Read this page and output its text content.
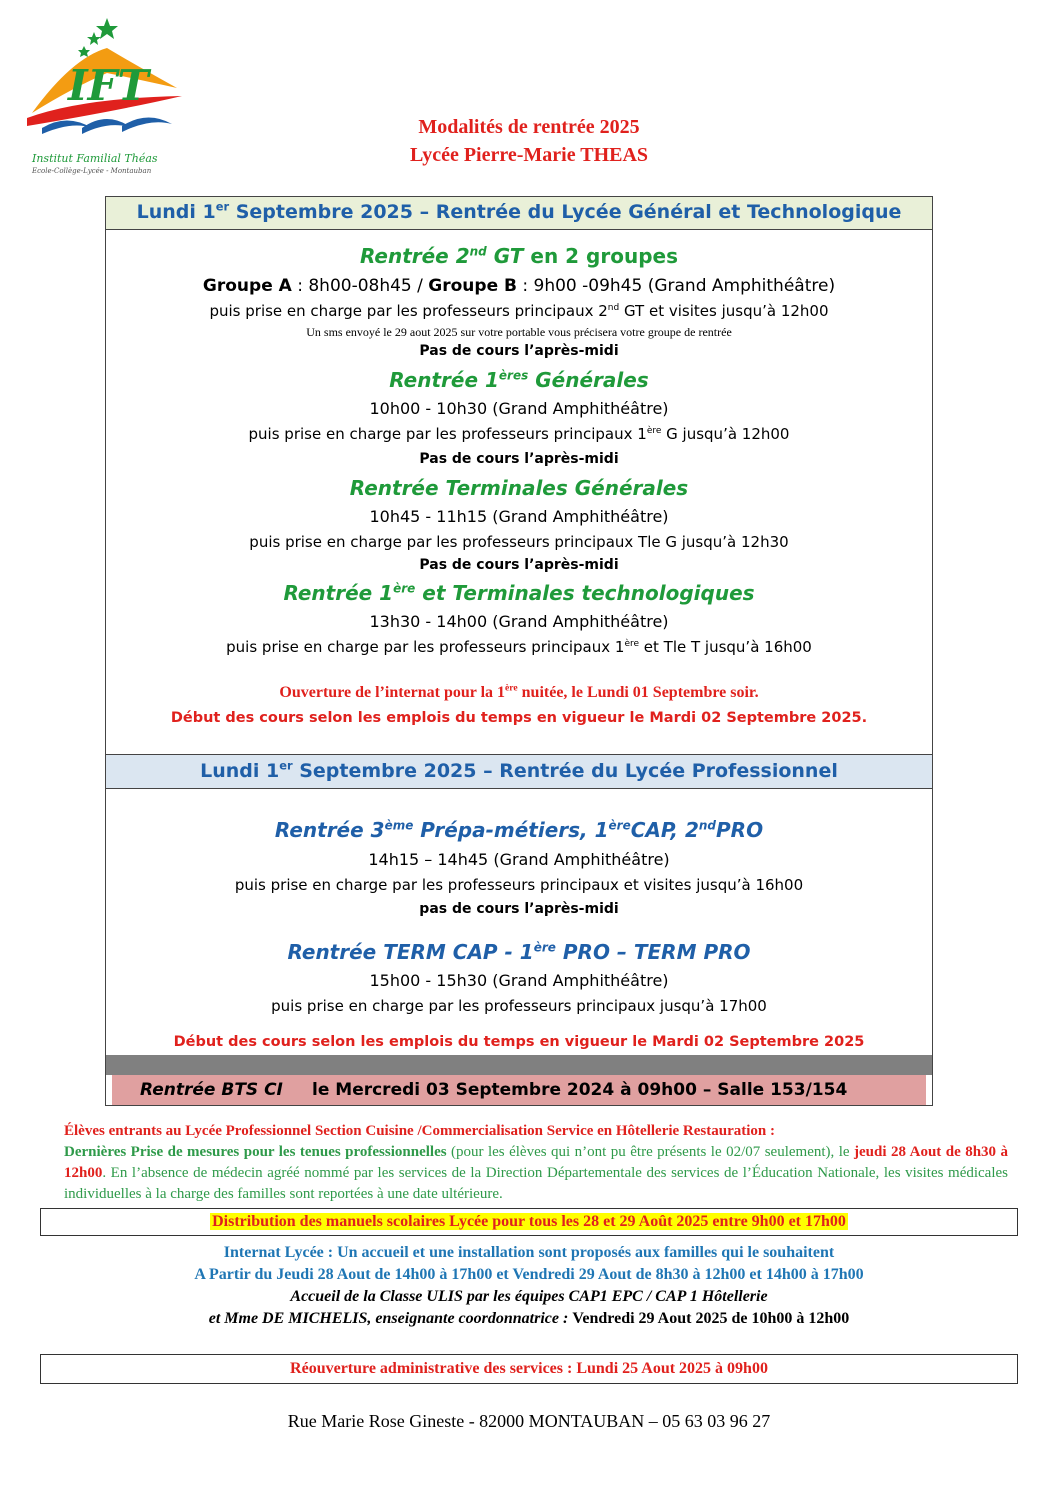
IFT
Institut Familial Théas
Ecole-Collège-Lycée - Montauban
Modalités de rentrée 2025
Lycée Pierre-Marie THEAS
Lundi 1er Septembre 2025 – Rentrée du Lycée Général et Technologique
Lundi 1er Septembre 2025 – Rentrée du Lycée Professionnel
Rentrée BTS CI le Mercredi 03 Septembre 2024 à 09h00 – Salle 153/154
Rentrée 2nd GT en 2 groupes
Groupe A : 8h00-08h45 / Groupe B : 9h00 -09h45 (Grand Amphithéâtre)
puis prise en charge par les professeurs principaux 2nd GT et visites jusqu’à 12h00
Un sms envoyé le 29 aout 2025 sur votre portable vous précisera votre groupe de rentrée
Pas de cours l’après-midi
Rentrée 1ères Générales
10h00 - 10h30 (Grand Amphithéâtre)
puis prise en charge par les professeurs principaux 1ère G jusqu’à 12h00
Pas de cours l’après-midi
Rentrée Terminales Générales
10h45 - 11h15 (Grand Amphithéâtre)
puis prise en charge par les professeurs principaux Tle G jusqu’à 12h30
Pas de cours l’après-midi
Rentrée 1ère et Terminales technologiques
13h30 - 14h00 (Grand Amphithéâtre)
puis prise en charge par les professeurs principaux 1ère et Tle T jusqu’à 16h00
Ouverture de l’internat pour la 1ère nuitée, le Lundi 01 Septembre soir.
Début des cours selon les emplois du temps en vigueur le Mardi 02 Septembre 2025.
Rentrée 3ème Prépa-métiers, 1èreCAP, 2ndPRO
14h15 – 14h45 (Grand Amphithéâtre)
puis prise en charge par les professeurs principaux et visites jusqu’à 16h00
pas de cours l’après-midi
Rentrée TERM CAP - 1ère PRO – TERM PRO
15h00 - 15h30 (Grand Amphithéâtre)
puis prise en charge par les professeurs principaux jusqu’à 17h00
Début des cours selon les emplois du temps en vigueur le Mardi 02 Septembre 2025
Élèves entrants au Lycée Professionnel Section Cuisine /Commercialisation Service en Hôtellerie Restauration :
Dernières Prise de mesures pour les tenues professionnelles (pour les élèves qui n’ont pu être présents le 02/07 seulement), le jeudi 28 Aout de 8h30 à 12h00. En l’absence de médecin agréé nommé par les services de la Direction Départementale des services de l’Éducation Nationale, les visites médicales individuelles à la charge des familles sont reportées à une date ultérieure.
Distribution des manuels scolaires Lycée pour tous les 28 et 29 Août 2025 entre 9h00 et 17h00
Internat Lycée : Un accueil et une installation sont proposés aux familles qui le souhaitent
A Partir du Jeudi 28 Aout de 14h00 à 17h00 et Vendredi 29 Aout de 8h30 à 12h00 et 14h00 à 17h00
Accueil de la Classe ULIS par les équipes CAP1 EPC / CAP 1 Hôtellerie
et Mme DE MICHELIS, enseignante coordonnatrice : Vendredi 29 Aout 2025 de 10h00 à 12h00
Réouverture administrative des services : Lundi 25 Aout 2025 à 09h00
Rue Marie Rose Gineste - 82000 MONTAUBAN – 05 63 03 96 27
